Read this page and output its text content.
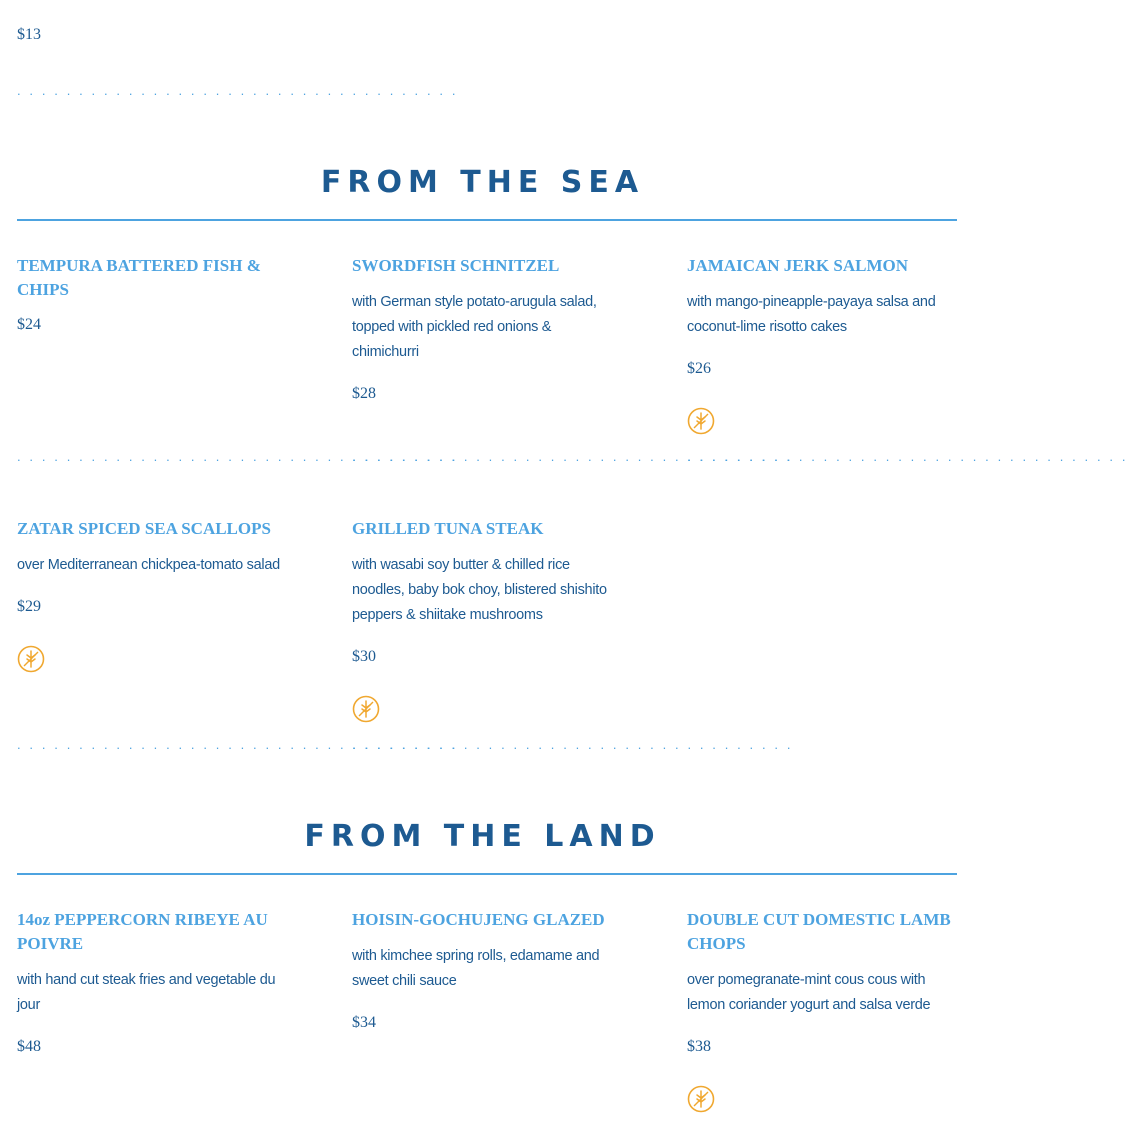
$13
. . . . . . . . . . . . . . . . . . . . . . . . . . . . . . . . . . . .
FROM THE SEA
TEMPURA BATTERED FISH & CHIPS
$24
. . . . . . . . . . . . . . . . . . . . . . . . . . . . . . . . . . . .
SWORDFISH SCHNITZEL
with German style potato-arugula salad, topped with pickled red onions & chimichurri
$28
. . . . . . . . . . . . . . . . . . . . . . . . . . . . . . . . . . . .
JAMAICAN JERK SALMON
with mango-pineapple-payaya salsa and coconut-lime risotto cakes
$26
. . . . . . . . . . . . . . . . . . . . . . . . . . . . . . . . . . . .
ZATAR SPICED SEA SCALLOPS
over Mediterranean chickpea-tomato salad
$29
. . . . . . . . . . . . . . . . . . . . . . . . . . . . . . . . . . . .
GRILLED TUNA STEAK
with wasabi soy butter & chilled rice noodles, baby bok choy, blistered shishito peppers & shiitake mushrooms
$30
. . . . . . . . . . . . . . . . . . . . . . . . . . . . . . . . . . . .
FROM THE LAND
14oz PEPPERCORN RIBEYE AU POIVRE
with hand cut steak fries and vegetable du jour
$48
HOISIN-GOCHUJENG GLAZED
with kimchee spring rolls, edamame and sweet chili sauce
$34
DOUBLE CUT DOMESTIC LAMB CHOPS
over pomegranate-mint cous cous with lemon coriander yogurt and salsa verde
$38
